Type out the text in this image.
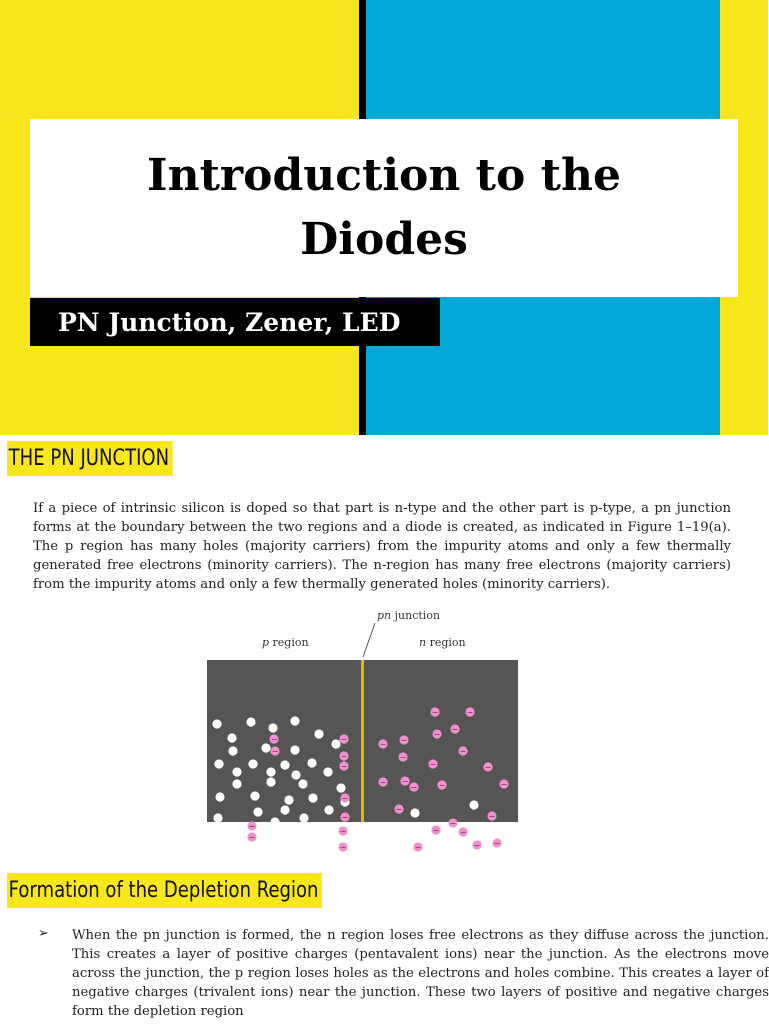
Introduction to the Diodes
PN Junction, Zener, LED
THE PN JUNCTION

If a piece of intrinsic silicon is doped so that part is n-type and the other part is p-type, a pn junction forms at the boundary between the two regions and a diode is created, as indicated in Figure 1–19(a). The p region has many holes (majority carriers) from the impurity atoms and only a few thermally generated free electrons (minority carriers). The n-region has many free electrons (majority carriers) from the impurity atoms and only a few thermally generated holes (minority carriers).

pn junction
p region	n region
−
−
−
−
−
−
−
−
−
−
−
−	−
−
−
−
−
−
−
−
−
−
−
−	−	−
−
−
−	−
−	− −
−
Formation of the Depletion Region
➢ When the pn junction is formed, the n region loses free electrons as they diffuse across the junction. This creates a layer of positive charges (pentavalent ions) near the junction. As the electrons move across the junction, the p region loses holes as the electrons and holes combine. This creates a layer of negative charges (trivalent ions) near the junction. These two layers of positive and negative charges form the depletion region
